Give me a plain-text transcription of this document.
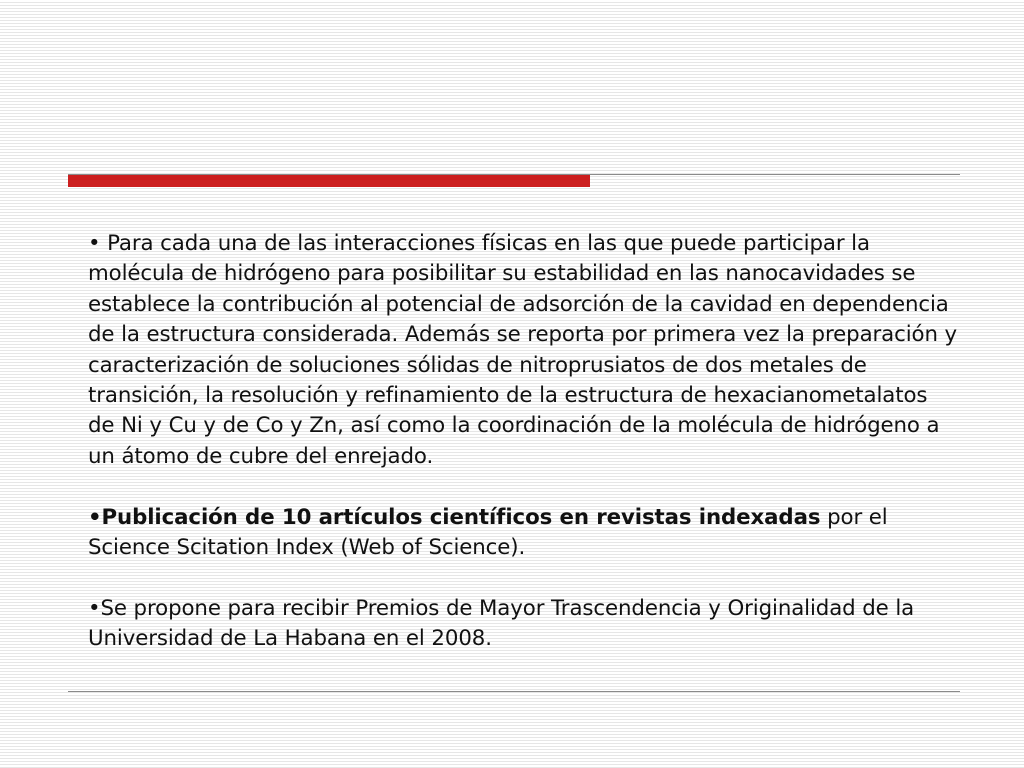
• Para cada una de las interacciones físicas en las que puede participar la molécula de hidrógeno para posibilitar su estabilidad en las nanocavidades se establece la contribución al potencial de adsorción de la cavidad en dependencia de la estructura considerada. Además se reporta por primera vez la preparación y caracterización de soluciones sólidas de nitroprusiatos de dos metales de transición, la resolución y refinamiento de la estructura de hexacianometalatos de Ni y Cu y de Co y Zn, así como la coordinación de la molécula de hidrógeno a un átomo de cubre del enrejado.

•Publicación de 10 artículos científicos en revistas indexadas por el Science Scitation Index (Web of Science).

•Se propone para recibir Premios de Mayor Trascendencia y Originalidad de la Universidad de La Habana en el 2008.
